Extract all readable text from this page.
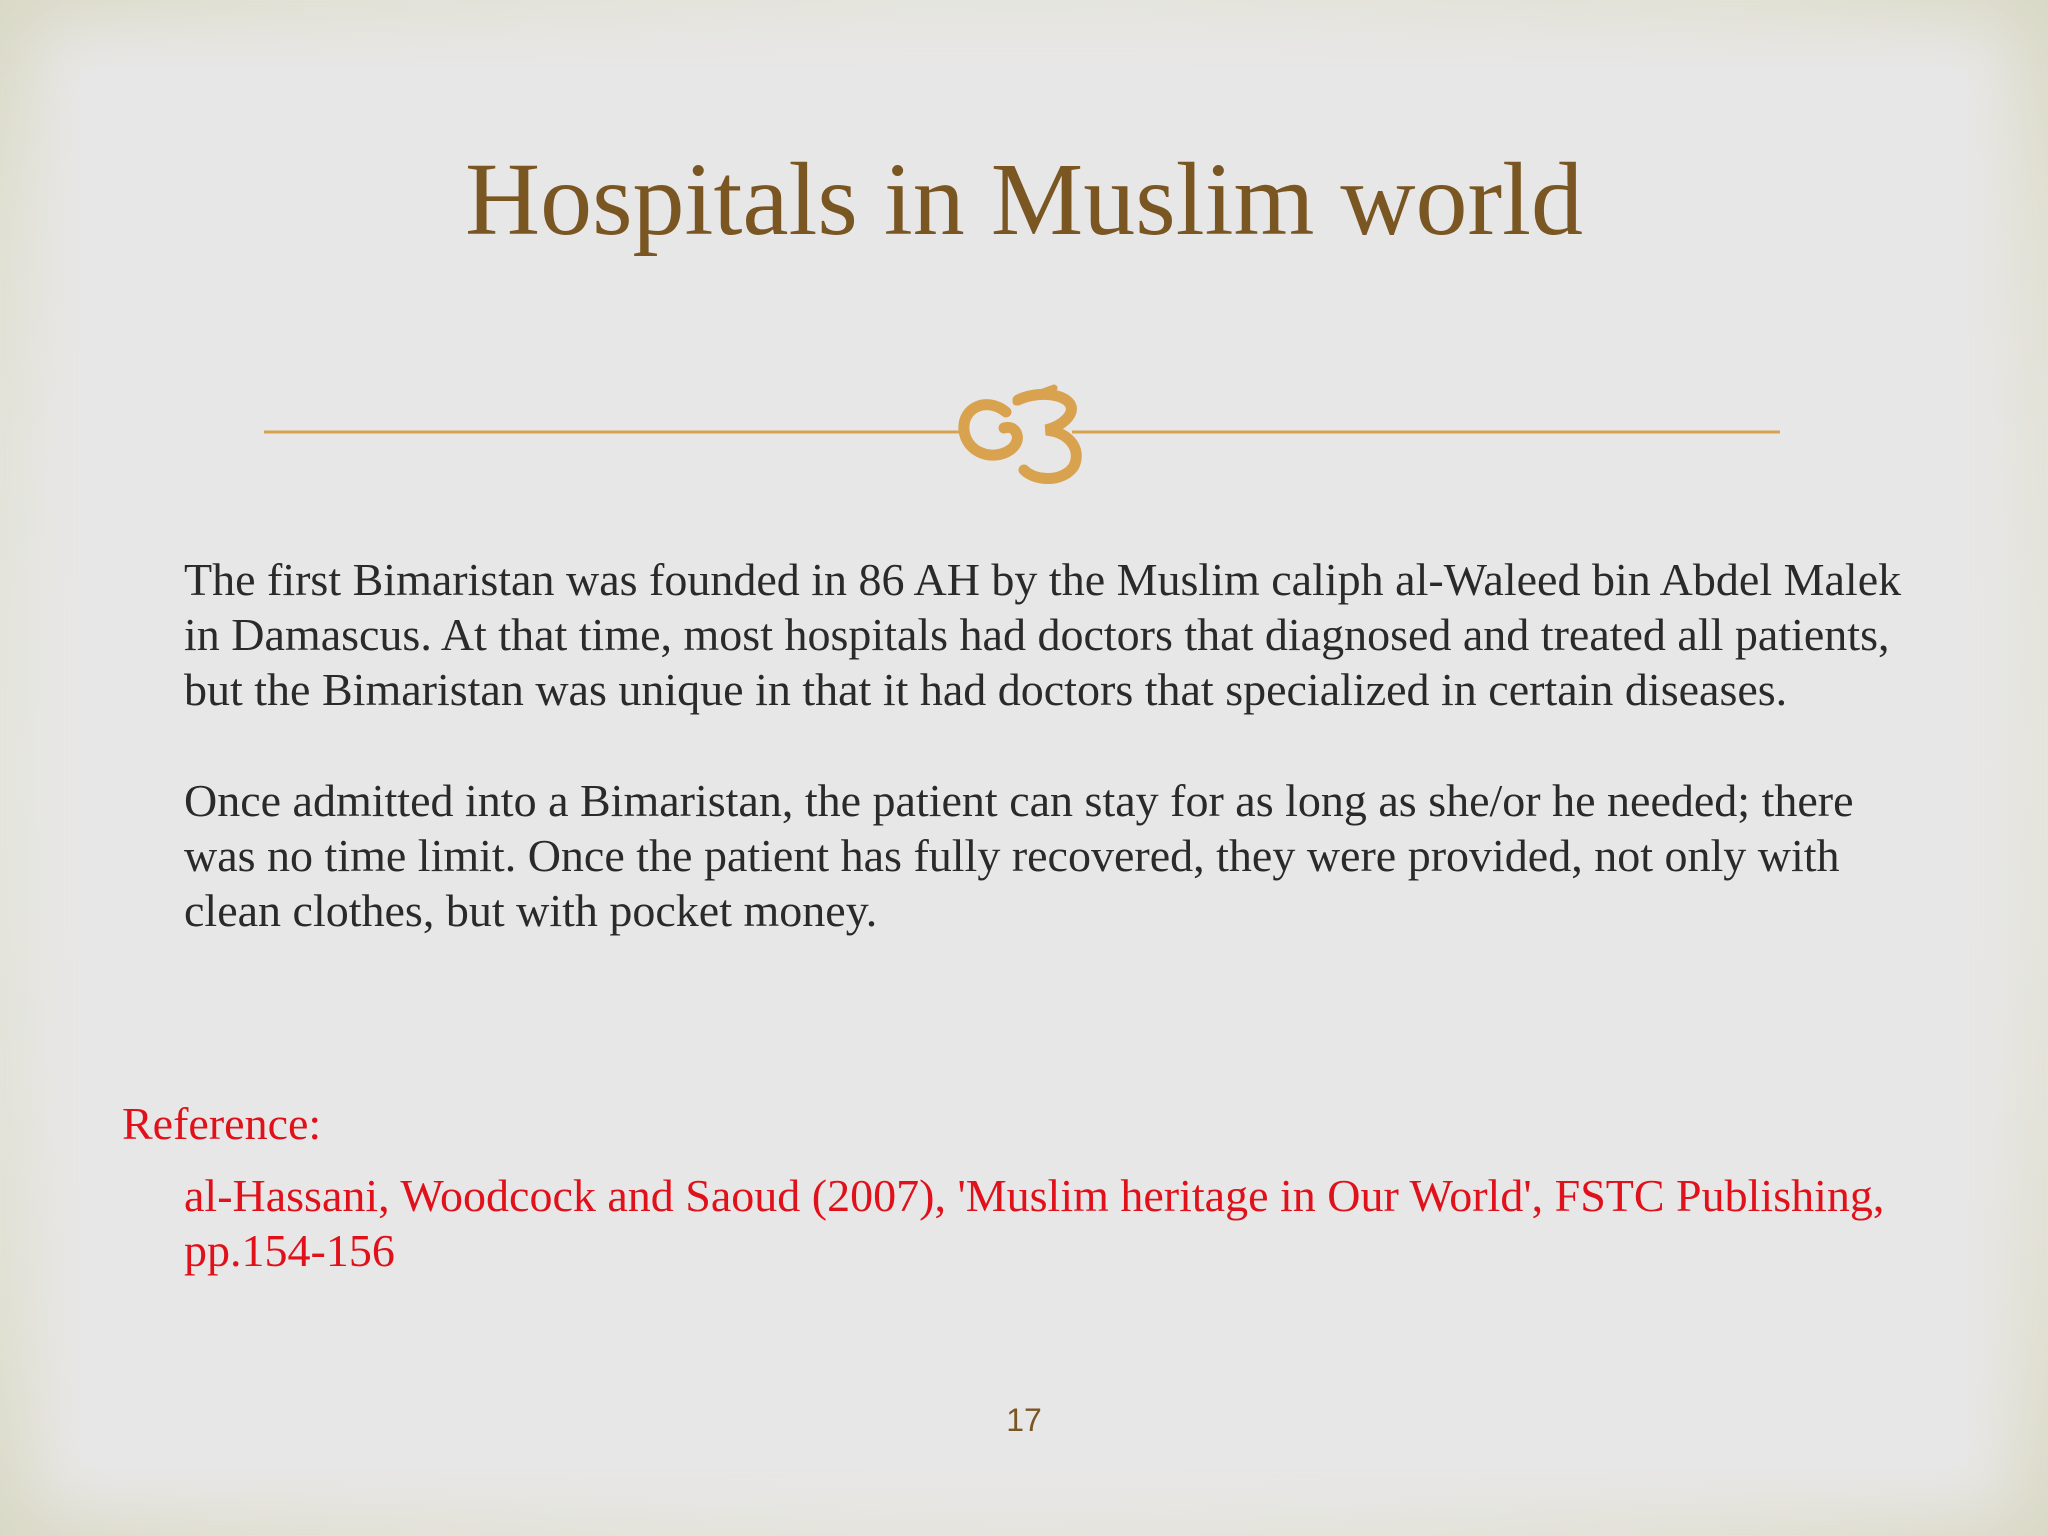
Hospitals in Muslim world

The first Bimaristan was founded in 86 AH by the Muslim caliph al-Waleed bin Abdel Malek in Damascus. At that time, most hospitals had doctors that diagnosed and treated all patients, but the Bimaristan was unique in that it had doctors that specialized in certain diseases.

Once admitted into a Bimaristan, the patient can stay for as long as she/or he needed; there was no time limit. Once the patient has fully recovered, they were provided, not only with clean clothes, but with pocket money.

Reference:
al-Hassani, Woodcock and Saoud (2007), 'Muslim heritage in Our World', FSTC Publishing, pp.154-156
17
